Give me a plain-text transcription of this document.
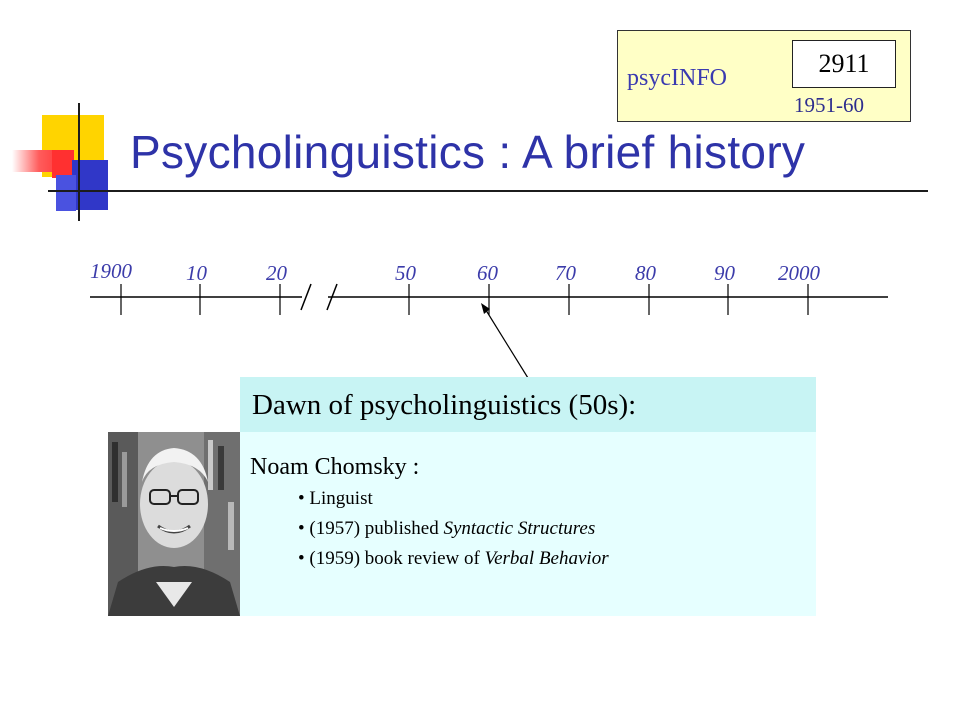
Psycholinguistics : A brief history
psycINFO	2911
1951-60
1900	10	20	50	60	70	80	90 2000
Dawn of psycholinguistics (50s):
Noam Chomsky :
• Linguist
• (1957) published Syntactic Structures
• (1959) book review of Verbal Behavior
